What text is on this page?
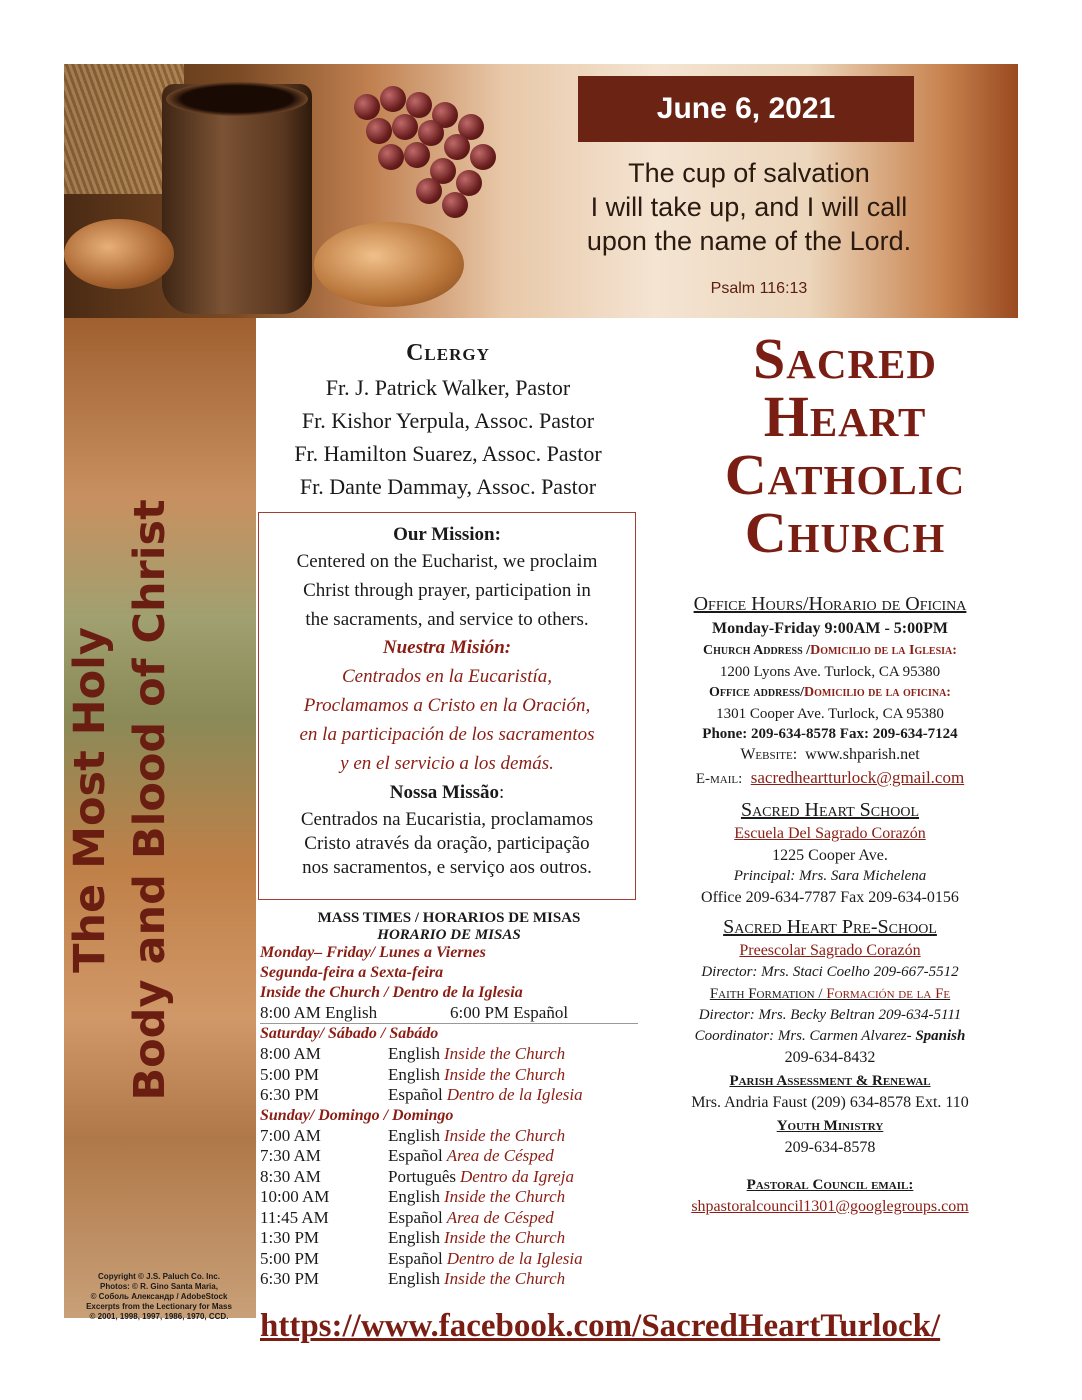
June 6, 2021
The cup of salvation
I will take up, and I will call
upon the name of the Lord.
Psalm 116:13
The Most Holy Body and Blood of Christ
Copyright © J.S. Paluch Co. Inc.
Photos: © R. Gino Santa Maria,
© Соболь Александр / AdobeStock
Excerpts from the Lectionary for Mass
© 2001, 1998, 1997, 1986, 1970, CCD.
Clergy
Fr. J. Patrick Walker, Pastor
Fr. Kishor Yerpula, Assoc. Pastor
Fr. Hamilton Suarez, Assoc. Pastor
Fr. Dante Dammay, Assoc. Pastor
Our Mission:
Centered on the Eucharist, we proclaim
Christ through prayer, participation in
the sacraments, and service to others.
Nuestra Misión:
Centrados en la Eucaristía,
Proclamamos a Cristo en la Oración,
en la participación de los sacramentos
y en el servicio a los demás.
Nossa Missão:
Centrados na Eucaristia, proclamamos
Cristo através da oração, participação
nos sacramentos, e serviço aos outros.
MASS TIMES / HORARIOS DE MISAS
HORARIO DE MISAS
Monday– Friday/ Lunes a Viernes
Segunda-feira a Sexta-feira
Inside the Church / Dentro de la Iglesia
8:00 AM English	6:00 PM Español
Saturday/ Sábado / Sabádo
8:00 AM	English Inside the Church
5:00 PM	English Inside the Church
6:30 PM	Español Dentro de la Iglesia
Sunday/ Domingo / Domingo
7:00 AM	English Inside the Church
7:30 AM	Español Area de Césped
8:30 AM	Português Dentro da Igreja
10:00 AM	English Inside the Church
11:45 AM	Español Area de Césped
1:30 PM	English Inside the Church
5:00 PM	Español Dentro de la Iglesia
6:30 PM	English Inside the Church
Sacred
Heart
Catholic
Church
Office Hours/Horario de Oficina
Monday-Friday 9:00AM - 5:00PM
Church Address /Domicilio de la Iglesia:
1200 Lyons Ave. Turlock, CA 95380
Office address/Domicilio de la oficina:
1301 Cooper Ave. Turlock, CA 95380
Phone: 209-634-8578 Fax: 209-634-7124
Website: www.shparish.net
E-mail: sacredheartturlock@gmail.com
Sacred Heart School
Escuela Del Sagrado Corazón
1225 Cooper Ave.
Principal: Mrs. Sara Michelena
Office 209-634-7787 Fax 209-634-0156
Sacred Heart Pre-School
Preescolar Sagrado Corazón
Director: Mrs. Staci Coelho 209-667-5512
Faith Formation / Formación de la Fe
Director: Mrs. Becky Beltran 209-634-5111
Coordinator: Mrs. Carmen Alvarez- Spanish
209-634-8432
Parish Assessment & Renewal
Mrs. Andria Faust (209) 634-8578 Ext. 110
Youth Ministry
209-634-8578
Pastoral Council email:
shpastoralcouncil1301@googlegroups.com
https://www.facebook.com/SacredHeartTurlock/
